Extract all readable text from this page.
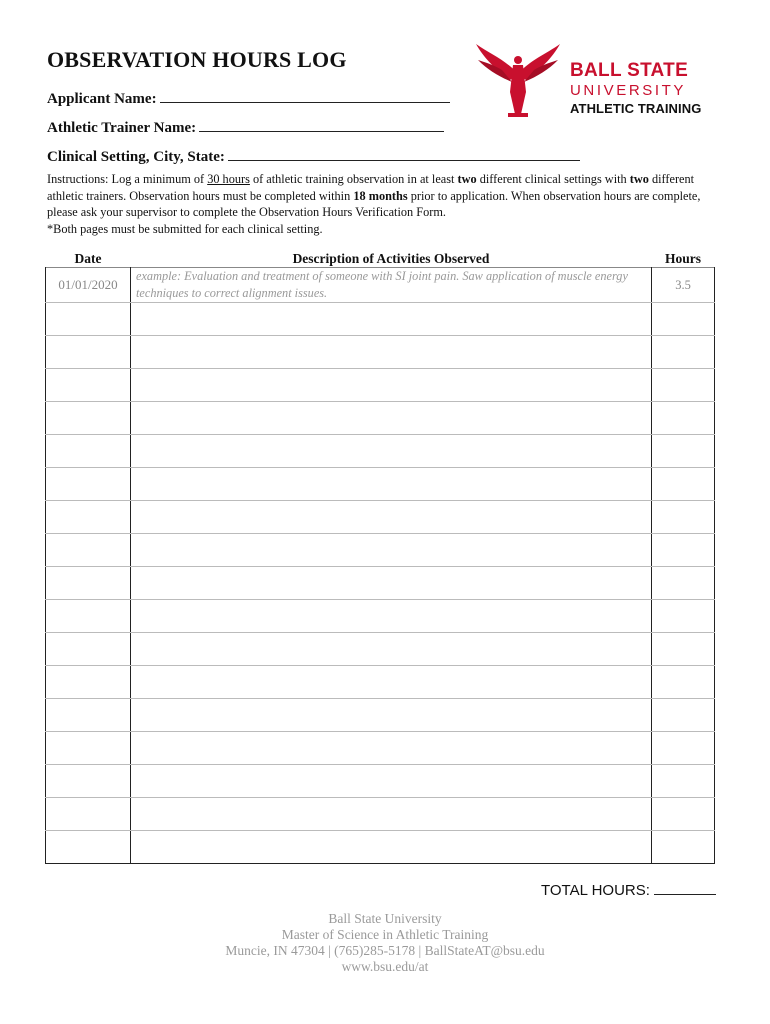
OBSERVATION HOURS LOG
Applicant Name:
Athletic Trainer Name:
Clinical Setting, City, State:
BALL STATE
UNIVERSITY
ATHLETIC TRAINING
Instructions: Log a minimum of 30 hours of athletic training observation in at least two different clinical settings with two different athletic trainers. Observation hours must be completed within 18 months prior to application. When observation hours are complete, please ask your supervisor to complete the Observation Hours Verification Form.
*Both pages must be submitted for each clinical setting.
Date	Description of Activities Observed	Hours
01/01/2020	example: Evaluation and treatment of someone with SI joint pain. Saw application of muscle energy techniques to correct alignment issues.	3.5

TOTAL HOURS:
Ball State University
Master of Science in Athletic Training
Muncie, IN 47304 | (765)285-5178 | BallStateAT@bsu.edu
www.bsu.edu/at
